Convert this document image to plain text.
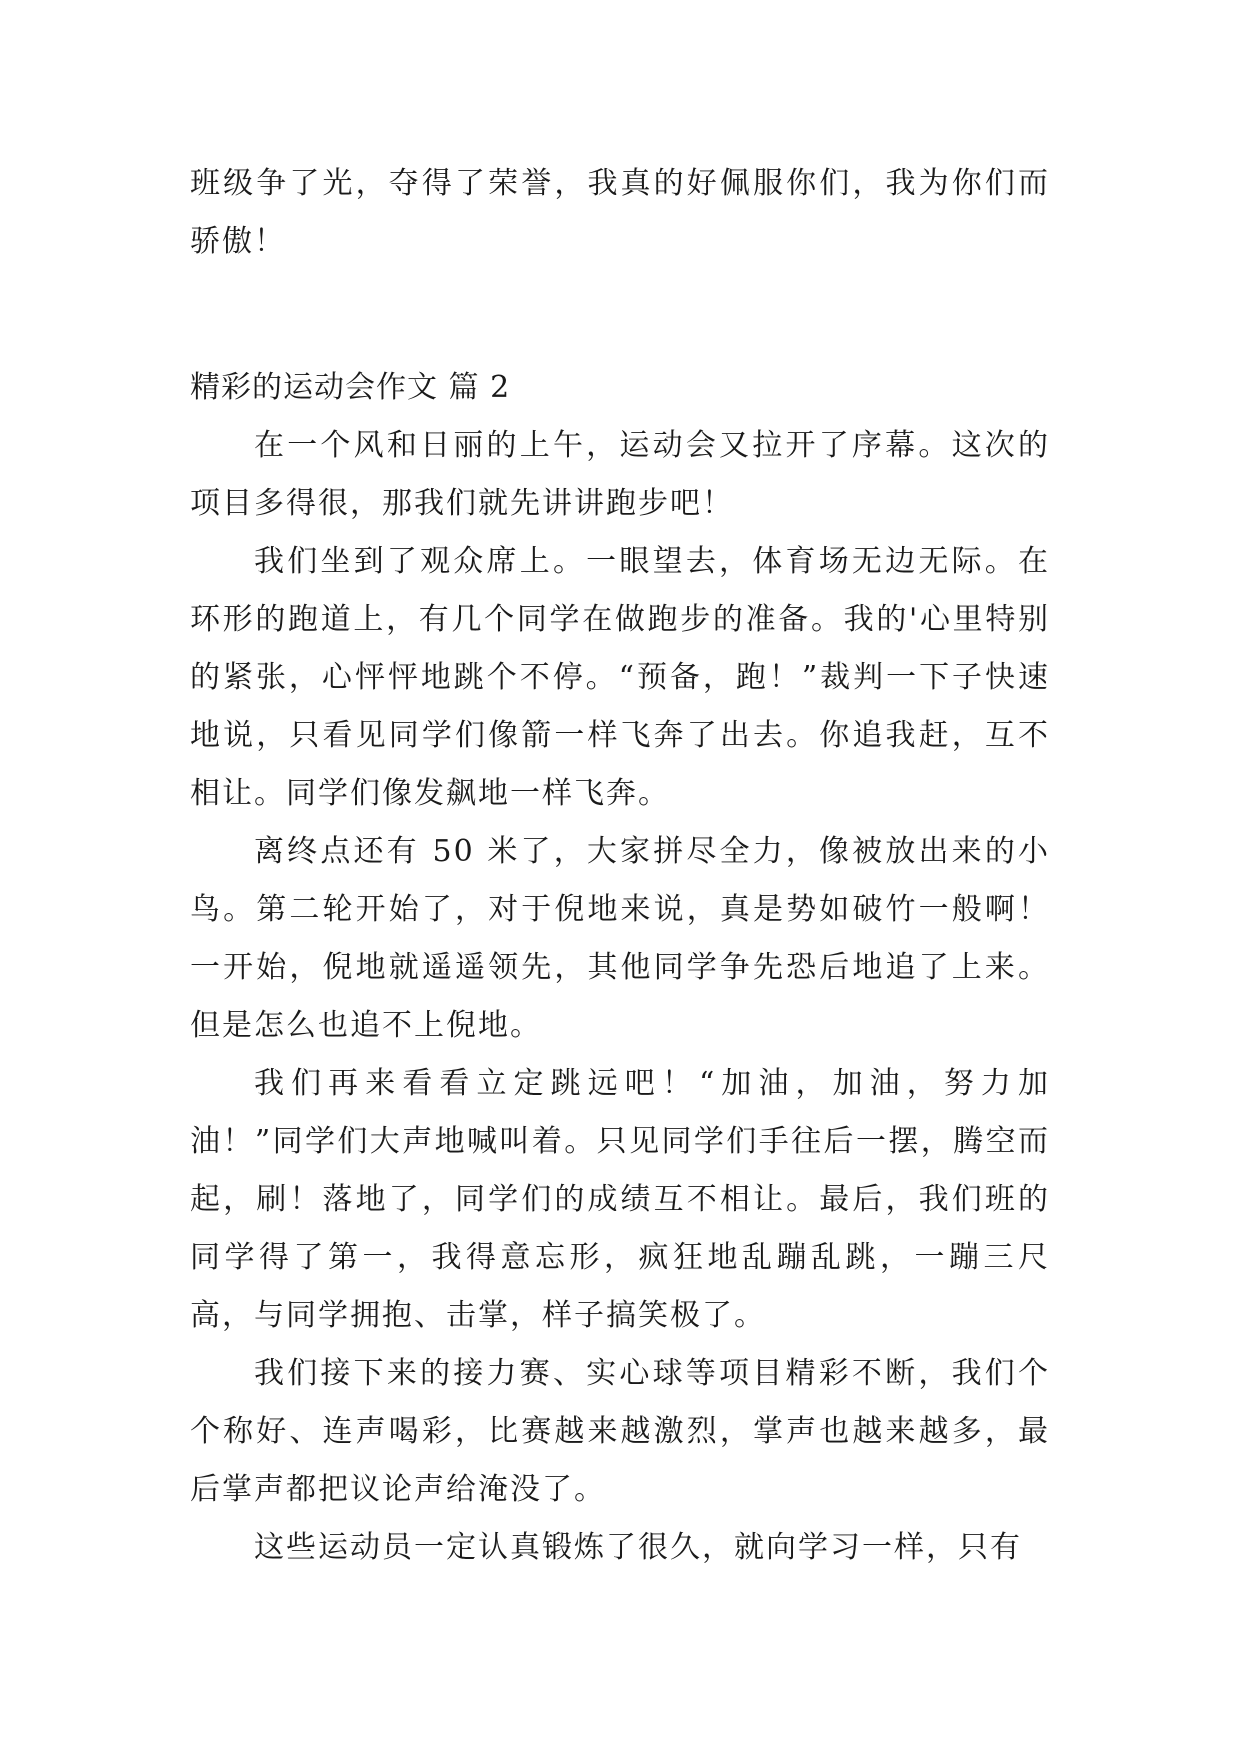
班级争了光，夺得了荣誉，我真的好佩服你们，我为你们而骄傲！

精彩的运动会作文 篇 2

在一个风和日丽的上午，运动会又拉开了序幕。这次的项目多得很，那我们就先讲讲跑步吧！

我们坐到了观众席上。一眼望去，体育场无边无际。在环形的跑道上，有几个同学在做跑步的准备。我的'心里特别的紧张，心怦怦地跳个不停。“预备，跑！”裁判一下子快速地说，只看见同学们像箭一样飞奔了出去。你追我赶，互不相让。同学们像发飙地一样飞奔。

离终点还有 50 米了，大家拼尽全力，像被放出来的小鸟。第二轮开始了，对于倪地来说，真是势如破竹一般啊！一开始，倪地就遥遥领先，其他同学争先恐后地追了上来。但是怎么也追不上倪地。

我们再来看看立定跳远吧！“加油，加油，努力加油！”同学们大声地喊叫着。只见同学们手往后一摆，腾空而起，刷！落地了，同学们的成绩互不相让。最后，我们班的同学得了第一，我得意忘形，疯狂地乱蹦乱跳，一蹦三尺高，与同学拥抱、击掌，样子搞笑极了。

我们接下来的接力赛、实心球等项目精彩不断，我们个个称好、连声喝彩，比赛越来越激烈，掌声也越来越多，最后掌声都把议论声给淹没了。

这些运动员一定认真锻炼了很久，就向学习一样，只有
